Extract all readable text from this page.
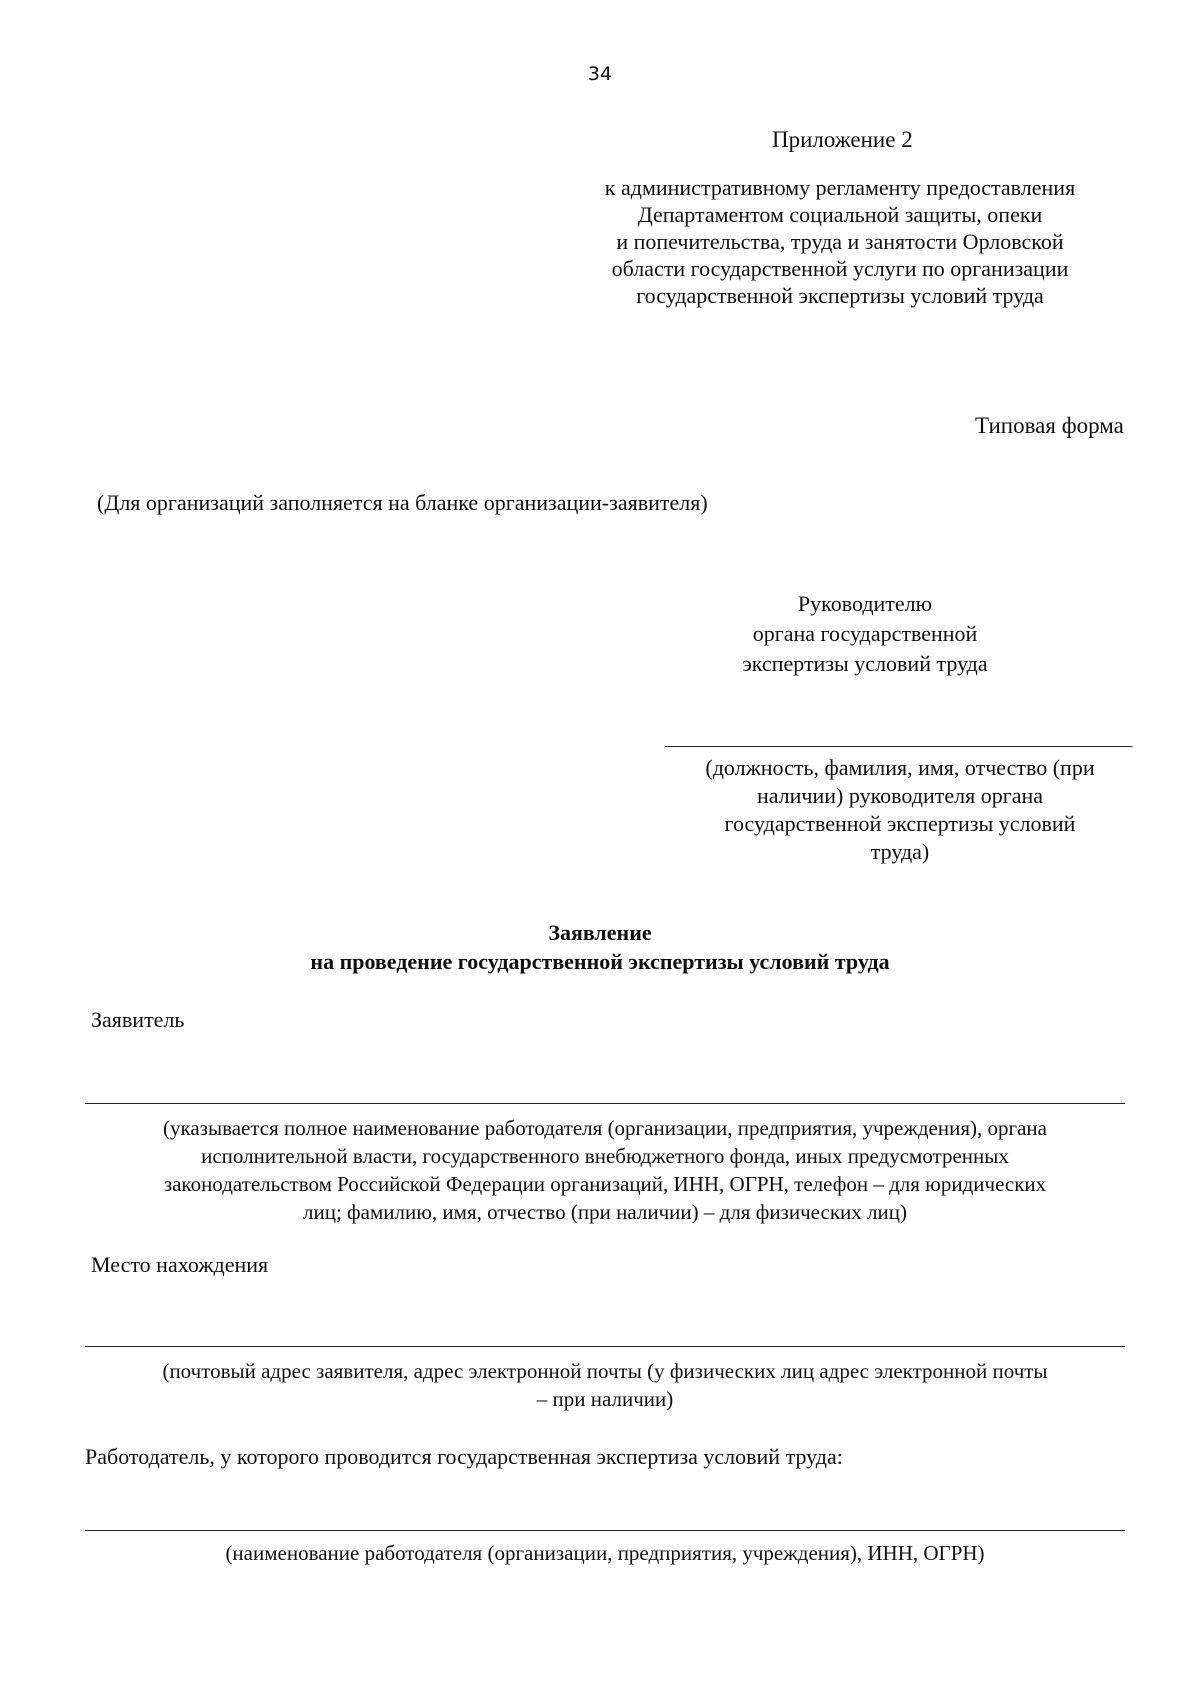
34
Приложение 2
к административному регламенту предоставления
Департаментом социальной защиты, опеки
и попечительства, труда и занятости Орловской
области государственной услуги по организации
государственной экспертизы условий труда
Типовая форма
(Для организаций заполняется на бланке организации-заявителя)
Руководителю
органа государственной
экспертизы условий труда
(должность, фамилия, имя, отчество (при
наличии) руководителя органа
государственной экспертизы условий
труда)
Заявление
на проведение государственной экспертизы условий труда
Заявитель
(указывается полное наименование работодателя (организации, предприятия, учреждения), органа
исполнительной власти, государственного внебюджетного фонда, иных предусмотренных
законодательством Российской Федерации организаций, ИНН, ОГРН, телефон – для юридических
лиц; фамилию, имя, отчество (при наличии) – для физических лиц)
Место нахождения
(почтовый адрес заявителя, адрес электронной почты (у физических лиц адрес электронной почты
– при наличии)
Работодатель, у которого проводится государственная экспертиза условий труда:
(наименование работодателя (организации, предприятия, учреждения), ИНН, ОГРН)
